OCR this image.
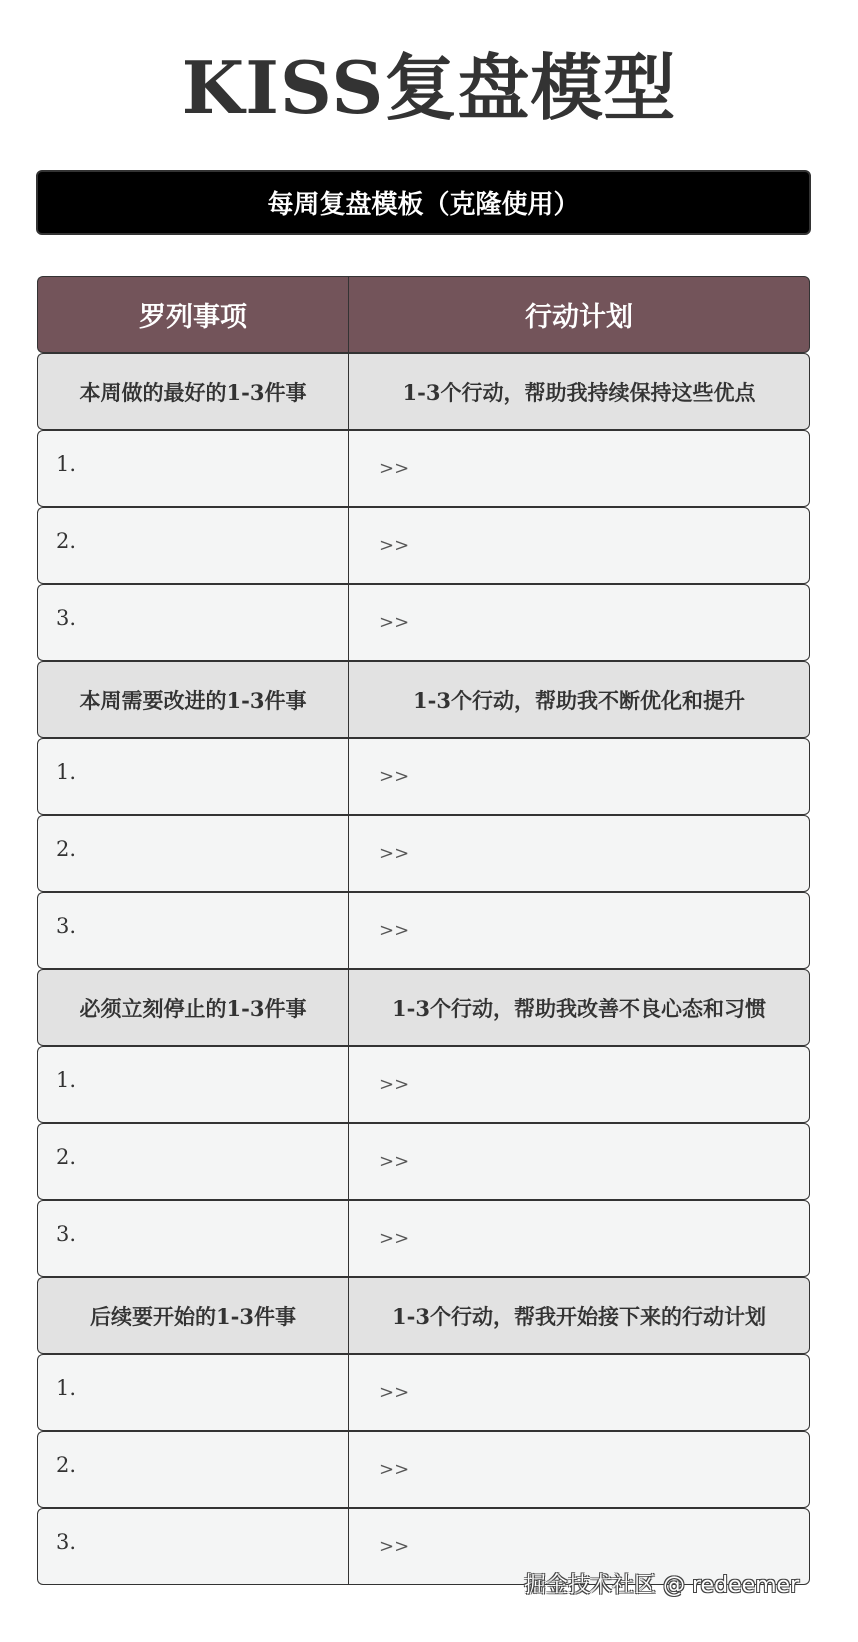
KISS复盘模型
每周复盘模板（克隆使用）
罗列事项	行动计划
本周做的最好的1-3件事	1-3个行动，帮助我持续保持这些优点
1.	>>
2.	>>
3.	>>
本周需要改进的1-3件事	1-3个行动，帮助我不断优化和提升
1.	>>
2.	>>
3.	>>
必须立刻停止的1-3件事	1-3个行动，帮助我改善不良心态和习惯
1.	>>
2.	>>
3.	>>
后续要开始的1-3件事	1-3个行动，帮我开始接下来的行动计划
1.	>>
2.	>>
3.	>>
掘金技术社区 @ redeemer
